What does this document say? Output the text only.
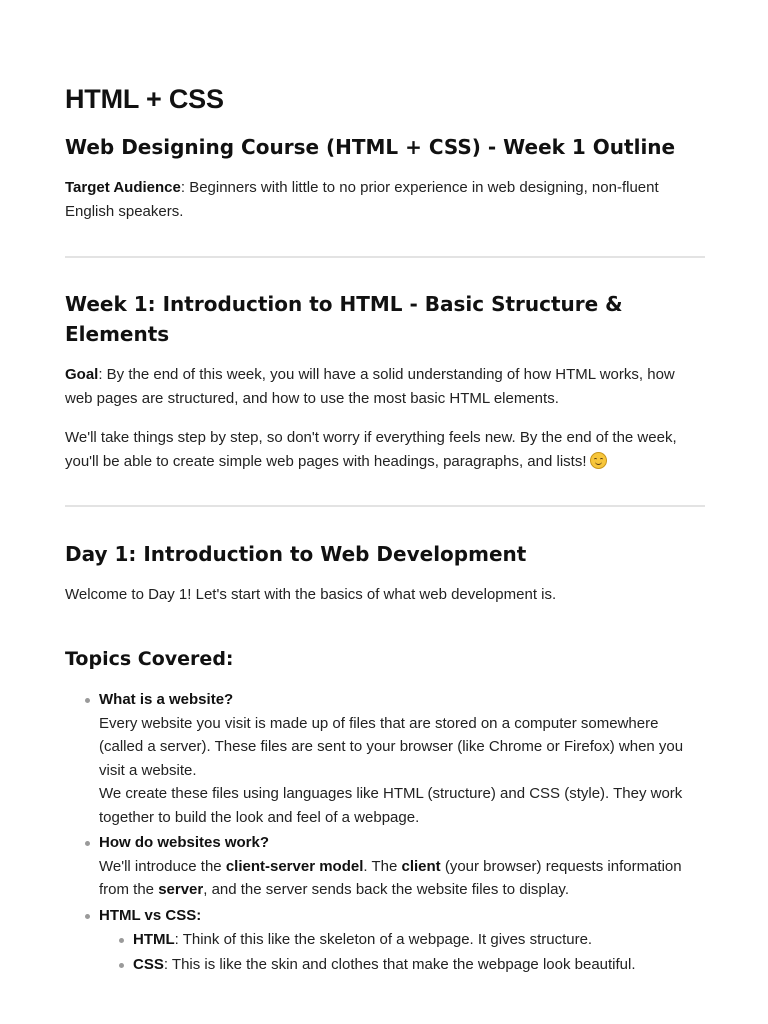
HTML + CSS
Web Designing Course (HTML + CSS) - Week 1 Outline

Target Audience: Beginners with little to no prior experience in web designing, non-fluent English speakers.

Week 1: Introduction to HTML - Basic Structure & Elements

Goal: By the end of this week, you will have a solid understanding of how HTML works, how web pages are structured, and how to use the most basic HTML elements.

We'll take things step by step, so don't worry if everything feels new. By the end of the week, you'll be able to create simple web pages with headings, paragraphs, and lists!

Day 1: Introduction to Web Development

Welcome to Day 1! Let's start with the basics of what web development is.

Topics Covered:
What is a website?
Every website you visit is made up of files that are stored on a computer somewhere (called a server). These files are sent to your browser (like Chrome or Firefox) when you visit a website.
We create these files using languages like HTML (structure) and CSS (style). They work together to build the look and feel of a webpage.
How do websites work?
We'll introduce the client-server model. The client (your browser) requests information from the server, and the server sends back the website files to display.
HTML vs CSS:
HTML: Think of this like the skeleton of a webpage. It gives structure.
CSS: This is like the skin and clothes that make the webpage look beautiful.
